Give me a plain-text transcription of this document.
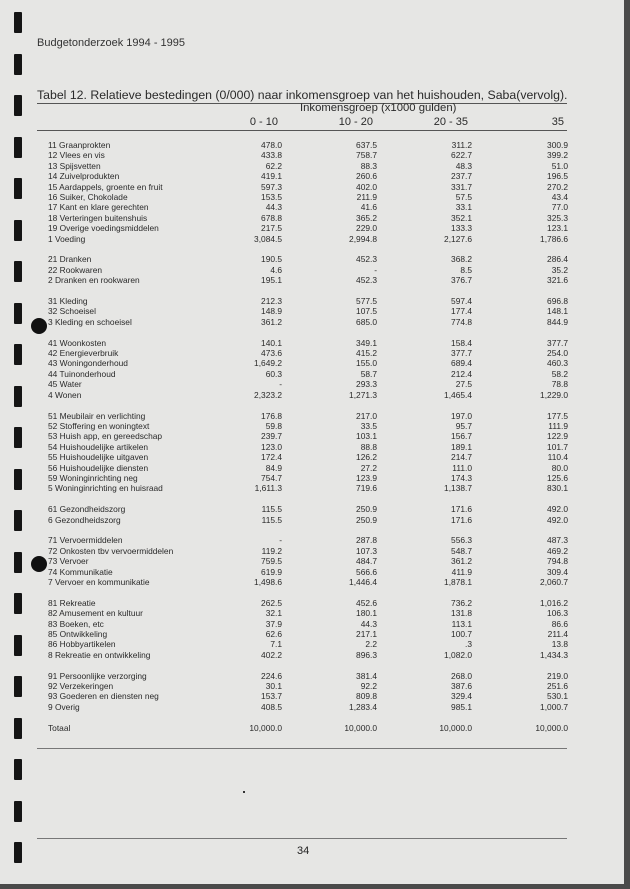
Budgetonderzoek 1994 - 1995
Tabel 12. Relatieve bestedingen (0/000) naar inkomensgroep van het huishouden, Saba(vervolg).
Inkomensgroep (x1000 gulden)
0 - 10	10 - 20	20 - 35	35
11 Graanprokten	478.0	637.5	311.2	300.9
12 Vlees en vis	433.8	758.7	622.7	399.2
13 Spijsvetten	62.2	88.3	48.3	51.0
14 Zuivelprodukten	419.1	260.6	237.7	196.5
15 Aardappels, groente en fruit	597.3	402.0	331.7	270.2
16 Suiker, Chokolade	153.5	211.9	57.5	43.4
17 Kant en klare gerechten	44.3	41.6	33.1	77.0
18 Verteringen buitenshuis	678.8	365.2	352.1	325.3
19 Overige voedingsmiddelen	217.5	229.0	133.3	123.1
1 Voeding	3,084.5	2,994.8	2,127.6	1,786.6

21 Dranken	190.5	452.3	368.2	286.4
22 Rookwaren	4.6	-	8.5	35.2
2 Dranken en rookwaren	195.1	452.3	376.7	321.6

31 Kleding	212.3	577.5	597.4	696.8
32 Schoeisel	148.9	107.5	177.4	148.1
3 Kleding en schoeisel	361.2	685.0	774.8	844.9

41 Woonkosten	140.1	349.1	158.4	377.7
42 Energieverbruik	473.6	415.2	377.7	254.0
43 Woningonderhoud	1,649.2	155.0	689.4	460.3
44 Tuinonderhoud	60.3	58.7	212.4	58.2
45 Water	-	293.3	27.5	78.8
4 Wonen	2,323.2	1,271.3	1,465.4	1,229.0

51 Meubilair en verlichting	176.8	217.0	197.0	177.5
52 Stoffering en woningtext	59.8	33.5	95.7	111.9
53 Huish app, en gereedschap	239.7	103.1	156.7	122.9
54 Huishoudelijke artikelen	123.0	88.8	189.1	101.7
55 Huishoudelijke uitgaven	172.4	126.2	214.7	110.4
56 Huishoudelijke diensten	84.9	27.2	111.0	80.0
59 Woninginrichting neg	754.7	123.9	174.3	125.6
5 Woninginrichting en huisraad	1,611.3	719.6	1,138.7	830.1

61 Gezondheidszorg	115.5	250.9	171.6	492.0
6 Gezondheidszorg	115.5	250.9	171.6	492.0

71 Vervoermiddelen	-	287.8	556.3	487.3
72 Onkosten tbv vervoermiddelen	119.2	107.3	548.7	469.2
73 Vervoer	759.5	484.7	361.2	794.8
74 Kommunikatie	619.9	566.6	411.9	309.4
7 Vervoer en kommunikatie	1,498.6	1,446.4	1,878.1	2,060.7

81 Rekreatie	262.5	452.6	736.2	1,016.2
82 Amusement en kultuur	32.1	180.1	131.8	106.3
83 Boeken, etc	37.9	44.3	113.1	86.6
85 Ontwikkeling	62.6	217.1	100.7	211.4
86 Hobbyartikelen	7.1	2.2	.3	13.8
8 Rekreatie en ontwikkeling	402.2	896.3	1,082.0	1,434.3

91 Persoonlijke verzorging	224.6	381.4	268.0	219.0
92 Verzekeringen	30.1	92.2	387.6	251.6
93 Goederen en diensten neg	153.7	809.8	329.4	530.1
9 Overig	408.5	1,283.4	985.1	1,000.7

Totaal	10,000.0	10,000.0	10,000.0	10,000.0
34
